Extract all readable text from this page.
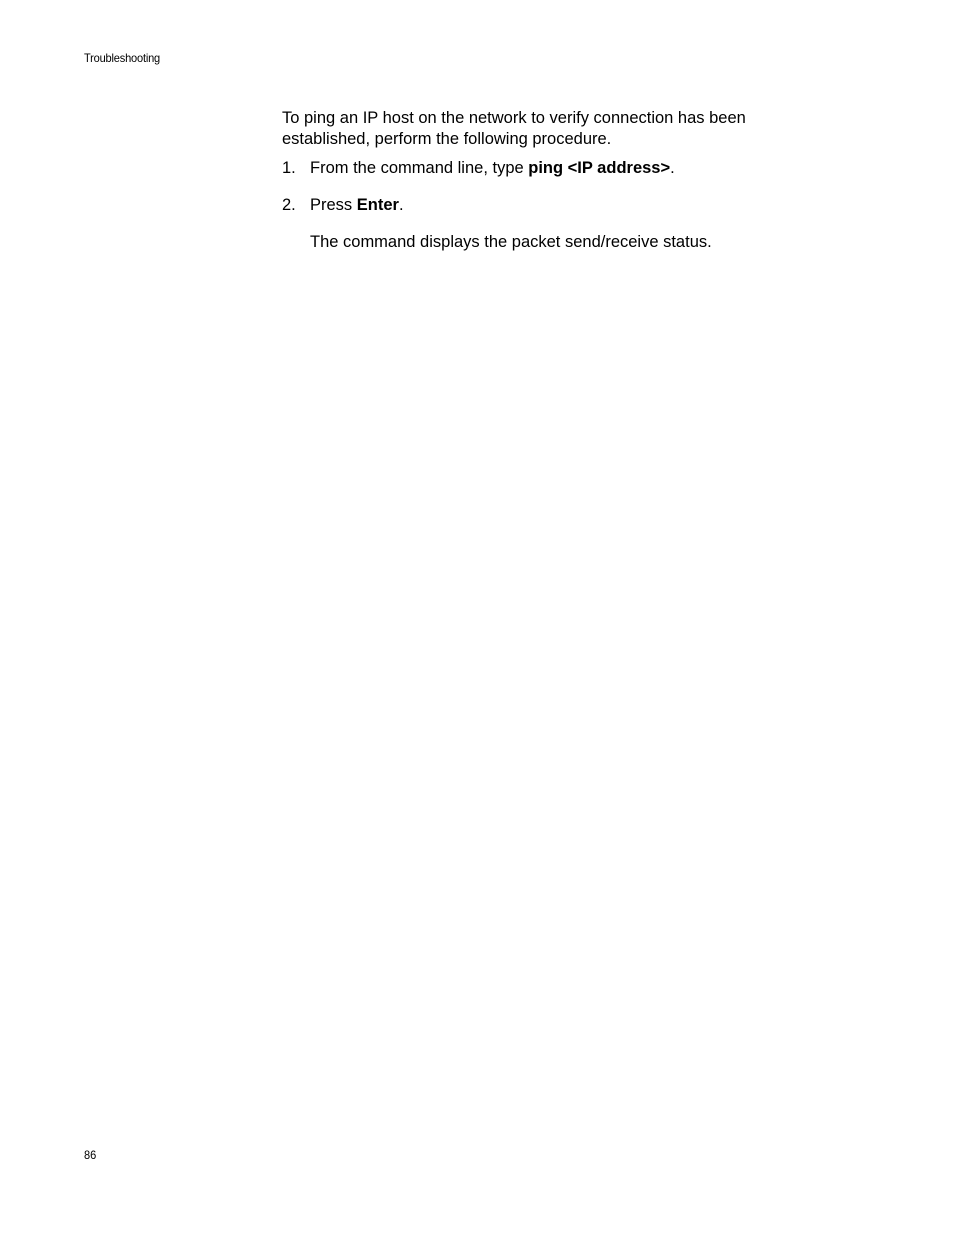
Troubleshooting

To ping an IP host on the network to verify connection has been established, perform the following procedure.

1. From the command line, type ping <IP address>.
2. Press Enter.

The command displays the packet send/receive status.

86
